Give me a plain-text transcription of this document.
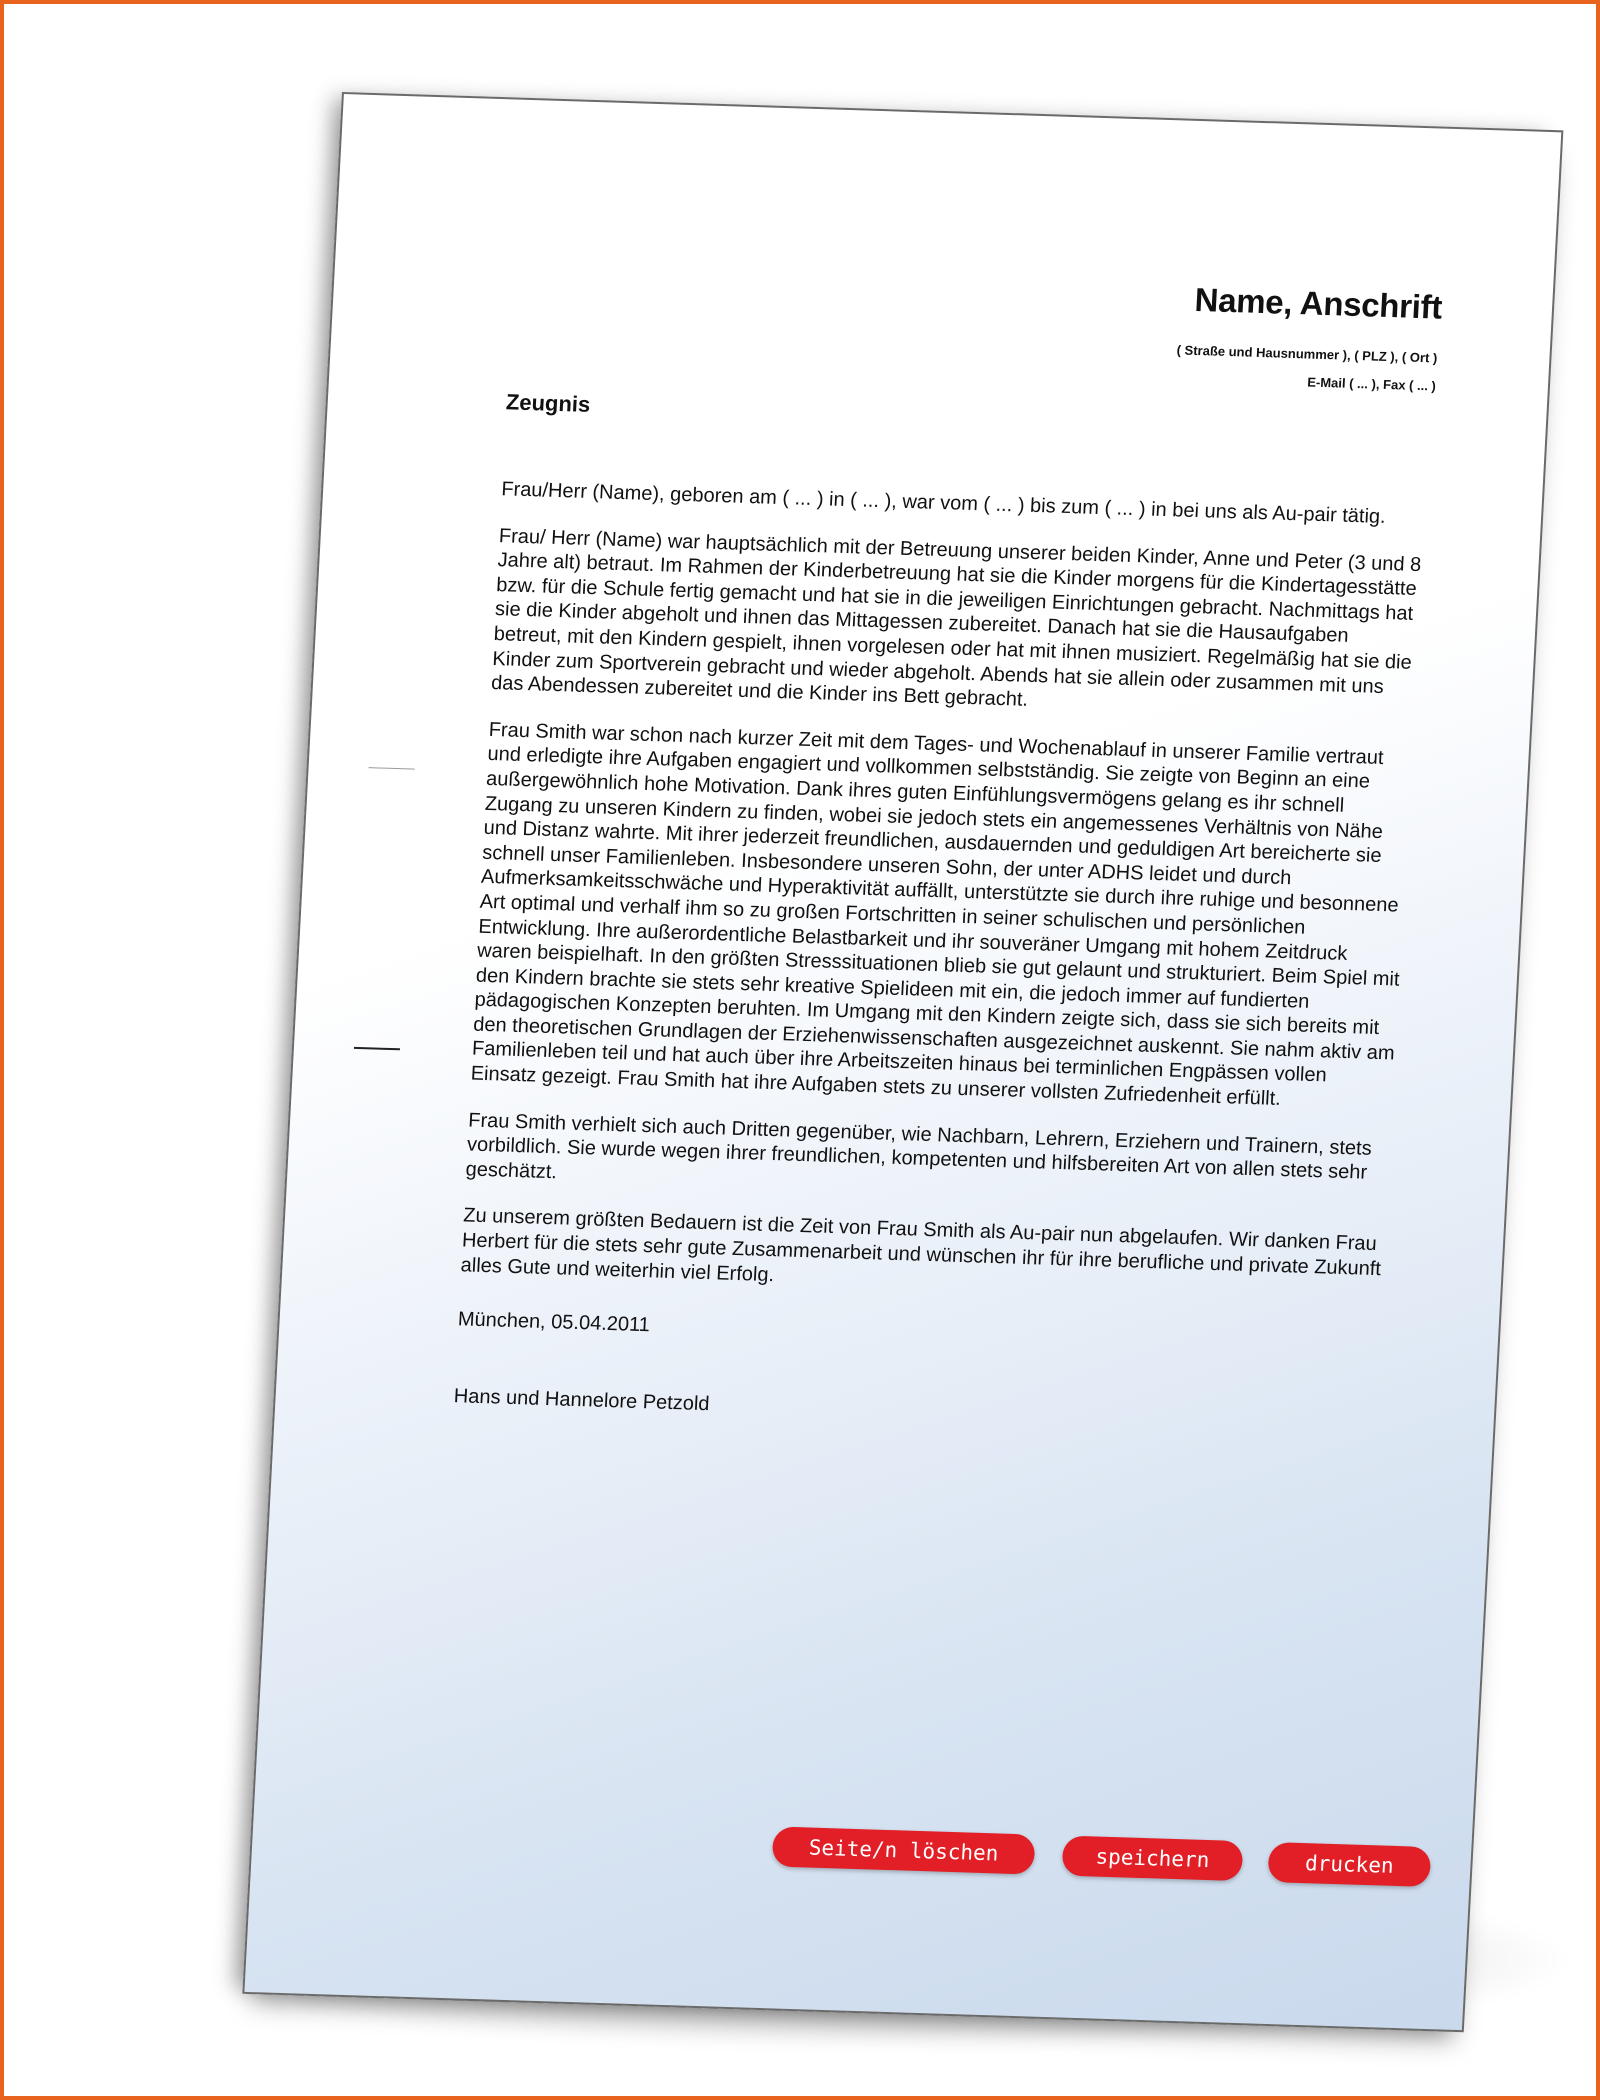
Name, Anschrift
( Straße und Hausnummer ), ( PLZ ), ( Ort )
E-Mail ( ... ), Fax ( ... )
Zeugnis

Frau/Herr (Name), geboren am ( ... ) in ( ... ), war vom ( ... ) bis zum ( ... ) in bei uns als Au-pair tätig.

Frau/ Herr (Name) war hauptsächlich mit der Betreuung unserer beiden Kinder, Anne und Peter (3 und 8 Jahre alt) betraut. Im Rahmen der Kinderbetreuung hat sie die Kinder morgens für die Kindertagesstätte bzw. für die Schule fertig gemacht und hat sie in die jeweiligen Einrichtungen gebracht. Nachmittags hat sie die Kinder abgeholt und ihnen das Mittagessen zubereitet. Danach hat sie die Hausaufgaben betreut, mit den Kindern gespielt, ihnen vorgelesen oder hat mit ihnen musiziert. Regelmäßig hat sie die Kinder zum Sportverein gebracht und wieder abgeholt. Abends hat sie allein oder zusammen mit uns das Abendessen zubereitet und die Kinder ins Bett gebracht.

Frau Smith war schon nach kurzer Zeit mit dem Tages- und Wochenablauf in unserer Familie vertraut und erledigte ihre Aufgaben engagiert und vollkommen selbstständig. Sie zeigte von Beginn an eine außergewöhnlich hohe Motivation. Dank ihres guten Einfühlungsvermögens gelang es ihr schnell Zugang zu unseren Kindern zu finden, wobei sie jedoch stets ein angemessenes Verhältnis von Nähe und Distanz wahrte. Mit ihrer jederzeit freundlichen, ausdauernden und geduldigen Art bereicherte sie schnell unser Familienleben. Insbesondere unseren Sohn, der unter ADHS leidet und durch Aufmerksamkeitsschwäche und Hyperaktivität auffällt, unterstützte sie durch ihre ruhige und besonnene Art optimal und verhalf ihm so zu großen Fortschritten in seiner schulischen und persönlichen Entwicklung. Ihre außerordentliche Belastbarkeit und ihr souveräner Umgang mit hohem Zeitdruck waren beispielhaft. In den größten Stresssituationen blieb sie gut gelaunt und strukturiert. Beim Spiel mit den Kindern brachte sie stets sehr kreative Spielideen mit ein, die jedoch immer auf fundierten pädagogischen Konzepten beruhten. Im Umgang mit den Kindern zeigte sich, dass sie sich bereits mit den theoretischen Grundlagen der Erziehenwissenschaften ausgezeichnet auskennt. Sie nahm aktiv am Familienleben teil und hat auch über ihre Arbeitszeiten hinaus bei terminlichen Engpässen vollen Einsatz gezeigt. Frau Smith hat ihre Aufgaben stets zu unserer vollsten Zufriedenheit erfüllt.

Frau Smith verhielt sich auch Dritten gegenüber, wie Nachbarn, Lehrern, Erziehern und Trainern, stets vorbildlich. Sie wurde wegen ihrer freundlichen, kompetenten und hilfsbereiten Art von allen stets sehr geschätzt.

Zu unserem größten Bedauern ist die Zeit von Frau Smith als Au-pair nun abgelaufen. Wir danken Frau Herbert für die stets sehr gute Zusammenarbeit und wünschen ihr für ihre berufliche und private Zukunft alles Gute und weiterhin viel Erfolg.

München, 05.04.2011

Hans und Hannelore Petzold

Seite/n löschen	speichern	drucken
